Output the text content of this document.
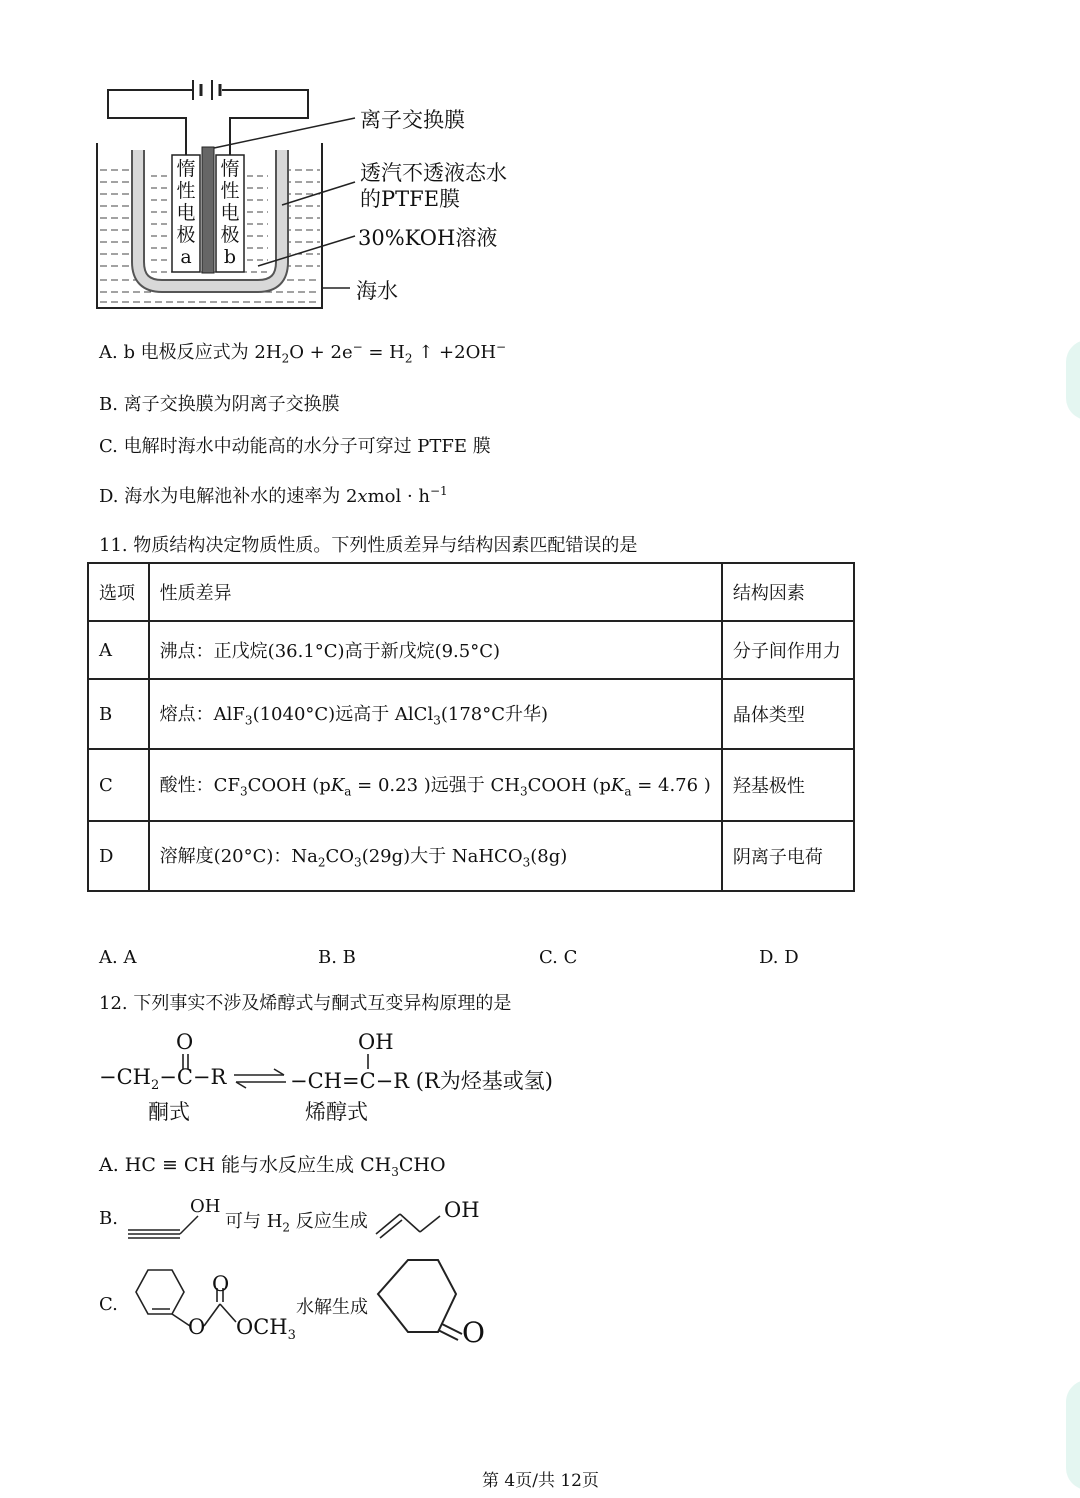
惰
性
电
极
a
惰
性
电
极
b
离子交换膜
透汽不透液态水
的PTFE膜
30%KOH溶液
海水
A. b 电极反应式为 $2H_2O + 2e^- = H_2$ ↑ +2OH−
B. 离子交换膜为阴离子交换膜
C. 电解时海水中动能高的水分子可穿过 PTFE 膜
D. 海水为电解池补水的速率为 2xmol · $h^{-1}$
11. 物质结构决定物质性质。下列性质差异与结构因素匹配错误的是
选项	性质差异	结构因素
A	沸点：正戊烷(36.1°C)高于新戊烷(9.5°C)	分子间作用力
B	熔点：AlF$_3$(1040°C)远高于 AlCl$_3$(178°C升华)	晶体类型
C	酸性：$CF_3COOH$ ($pK_a = 0.23$ )远强于 $CH_3COOH$ ($pK_a = 4.76$ )	羟基极性
D	溶解度(20°C)：$Na_2CO_3(29g)$大于 NaHCO$_3$(8g)	阴离子电荷
A. A	B. B	C. C	D. D
12. 下列事实不涉及烯醇式与酮式互变异构原理的是
O
$-CH_2-C-R$ ⇌
OH
−CH=C−R (R为烃基或氢)
酮式	烯醇式
A. HC ≡ CH 能与水反应生成 $CH_3CHO$
B.
OH
可与 $H_2$ 反应生成	OH
C.
O
O $OCH_3$
水解生成
O
第 4页/共 12页
